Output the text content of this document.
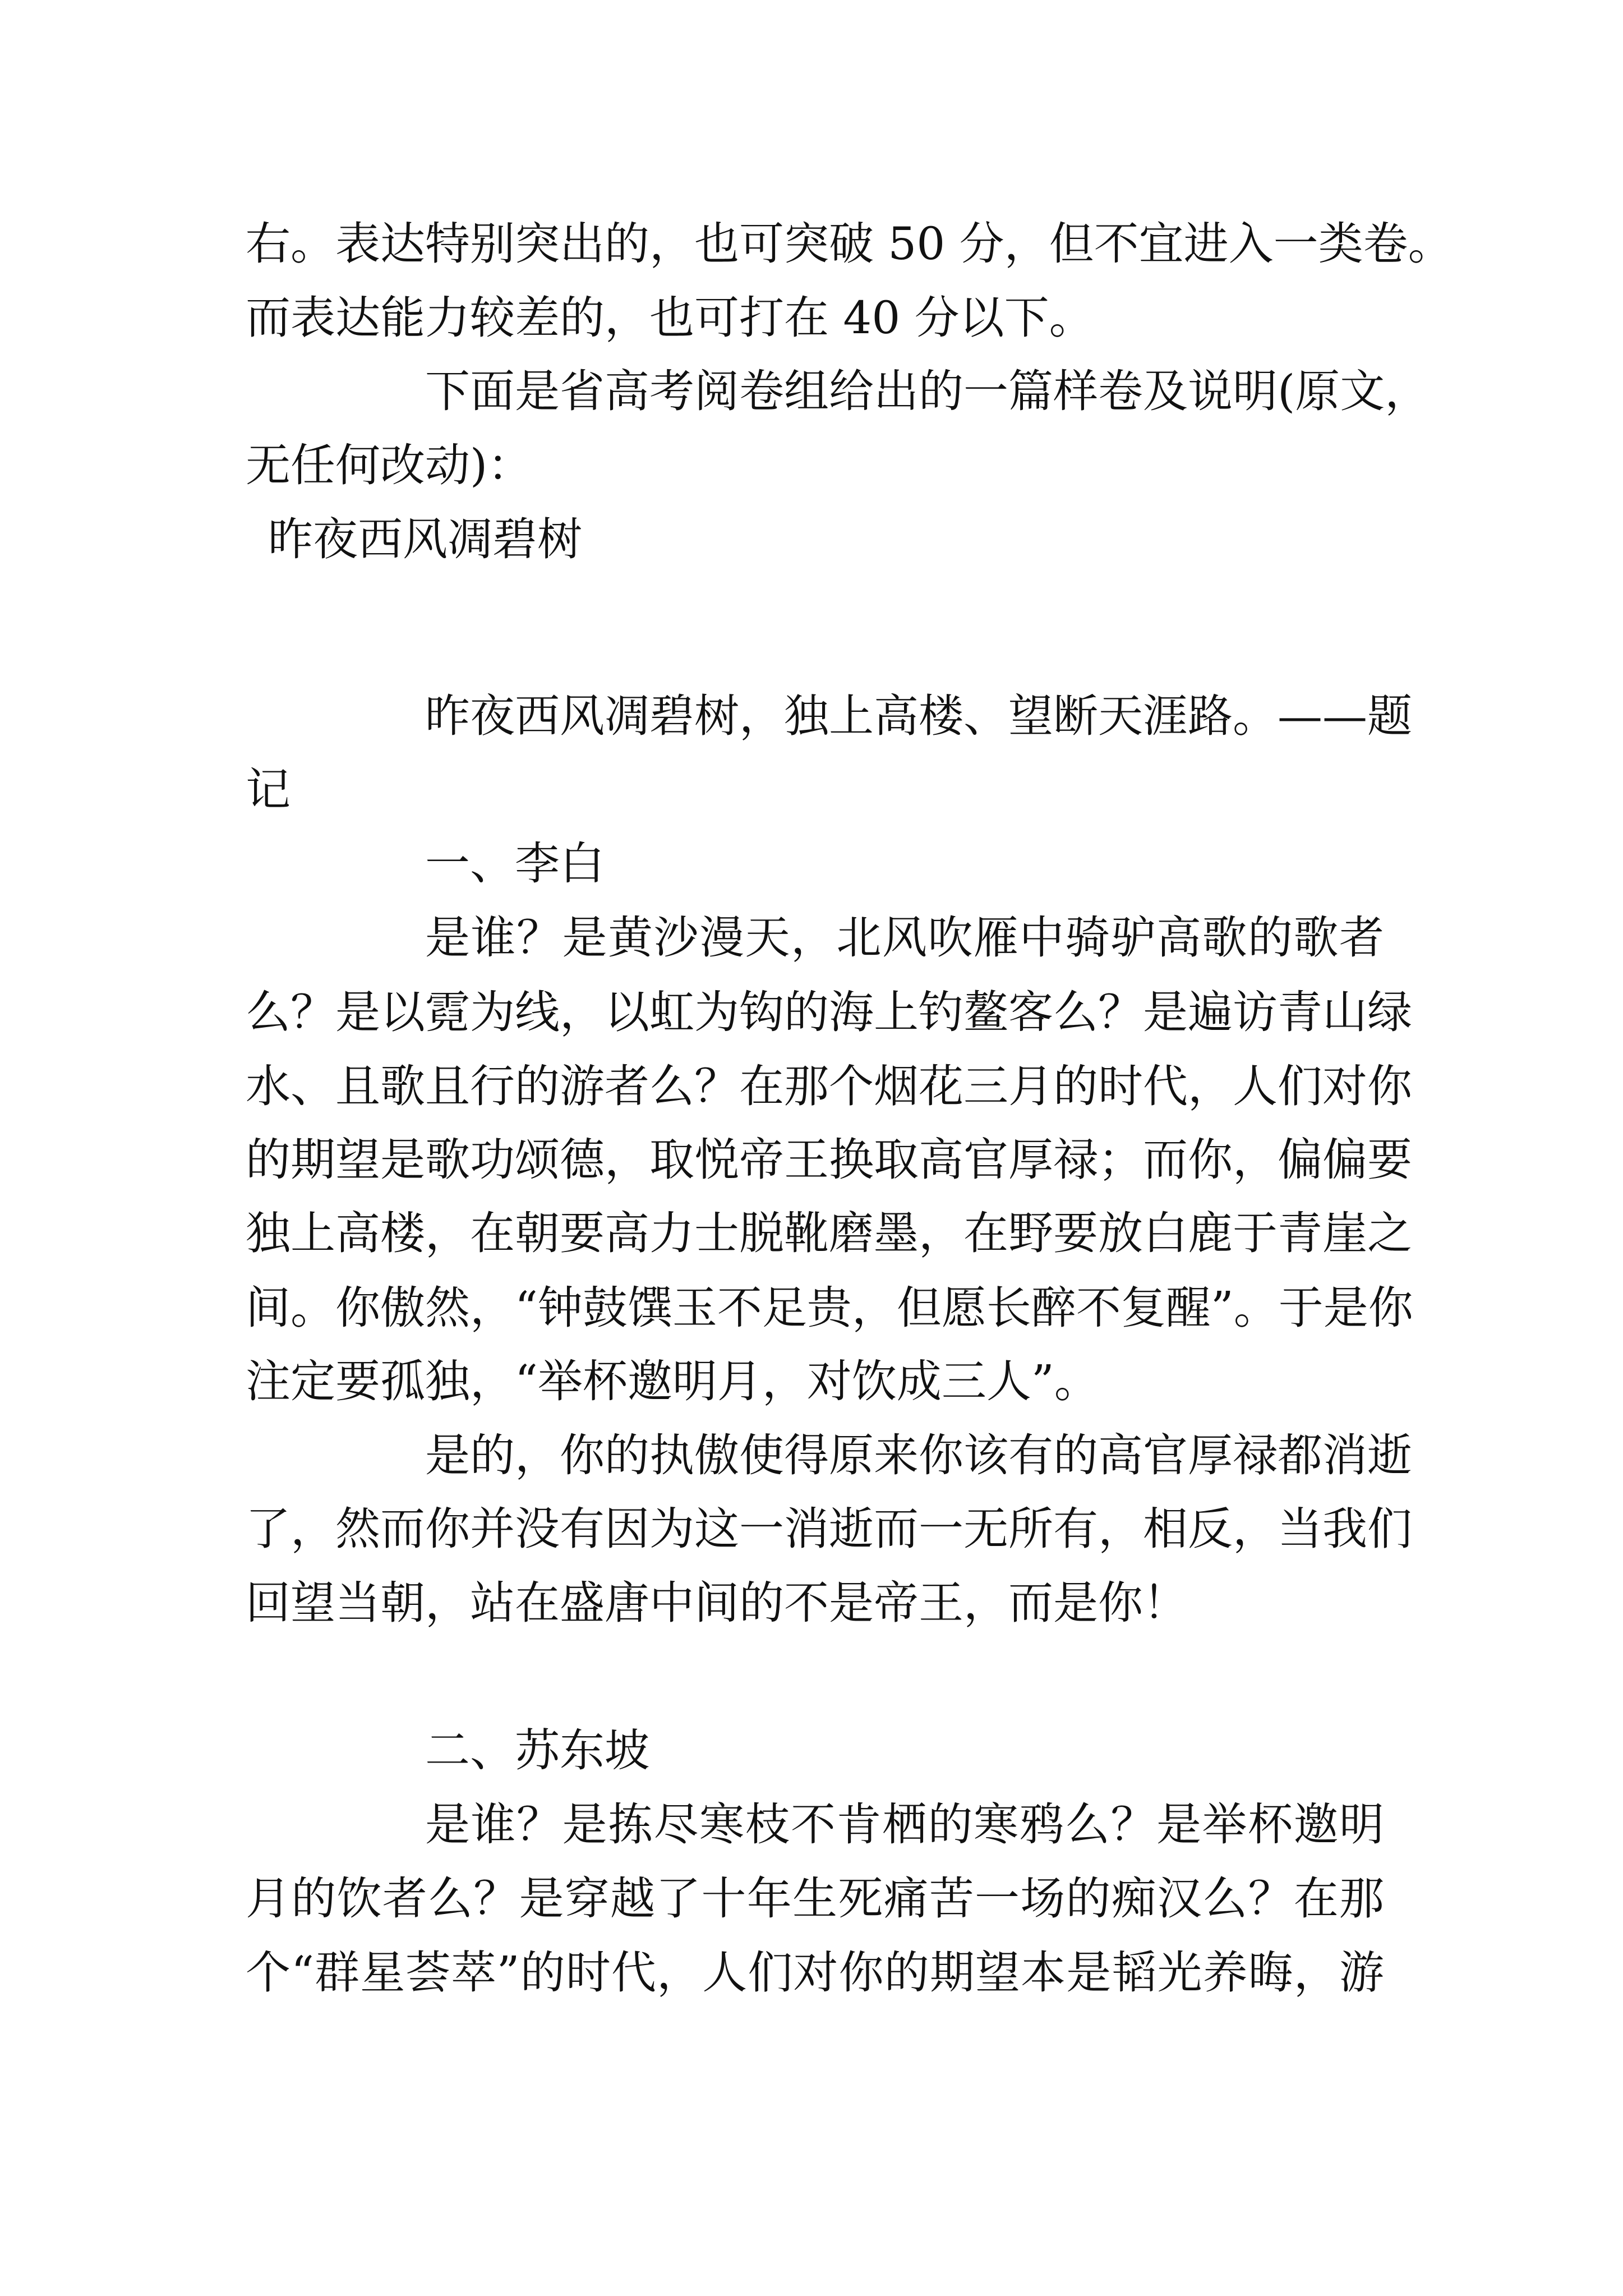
右。表达特别突出的，也可突破 50 分，但不宜进入一类卷。
而表达能力较差的，也可打在 40 分以下。
下面是省高考阅卷组给出的一篇样卷及说明(原文，
无任何改动)：
昨夜西风凋碧树
昨夜西风凋碧树，独上高楼、望断天涯路。——题
记
一、李白
是谁？是黄沙漫天，北风吹雁中骑驴高歌的歌者
么？是以霓为线，以虹为钩的海上钓鳌客么？是遍访青山绿
水、且歌且行的游者么？在那个烟花三月的时代，人们对你
的期望是歌功颂德，取悦帝王换取高官厚禄；而你，偏偏要
独上高楼，在朝要高力士脱靴磨墨，在野要放白鹿于青崖之
间。你傲然，“钟鼓馔玉不足贵，但愿长醉不复醒”。于是你
注定要孤独，“举杯邀明月，对饮成三人”。
是的，你的执傲使得原来你该有的高官厚禄都消逝
了，然而你并没有因为这一消逝而一无所有，相反，当我们
回望当朝，站在盛唐中间的不是帝王，而是你！
二、苏东坡
是谁？是拣尽寒枝不肯栖的寒鸦么？是举杯邀明
月的饮者么？是穿越了十年生死痛苦一场的痴汉么？在那
个“群星荟萃”的时代，人们对你的期望本是韬光养晦，游
